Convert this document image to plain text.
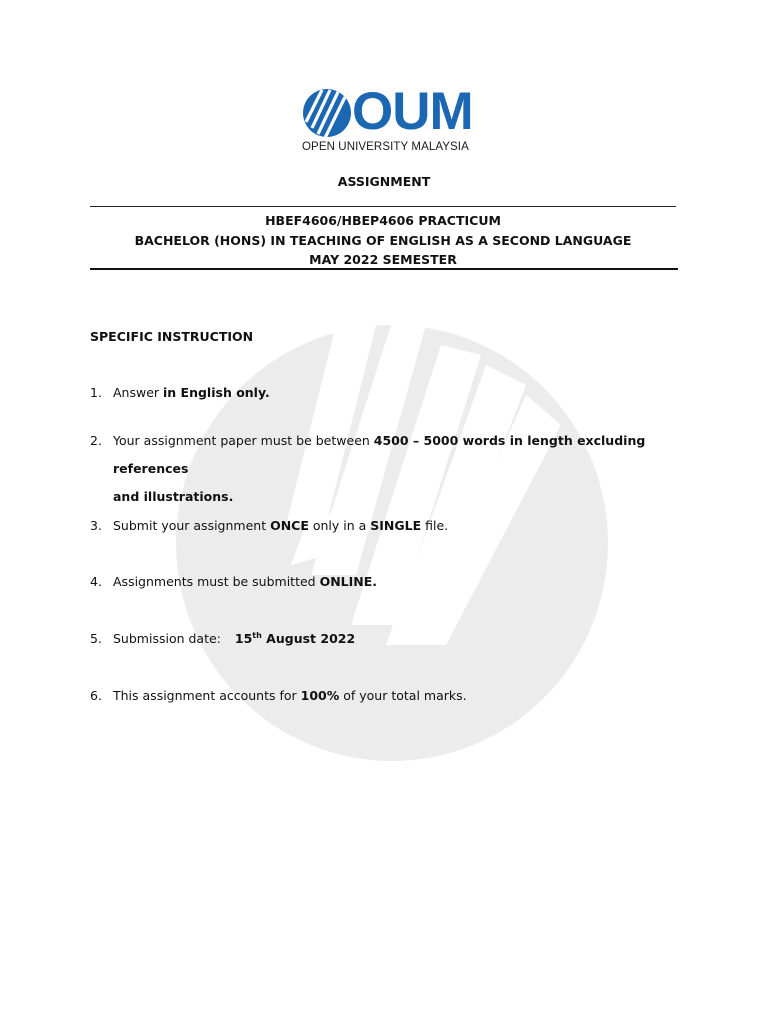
OUM
OPEN UNIVERSITY MALAYSIA
ASSIGNMENT
HBEF4606/HBEP4606 PRACTICUM
BACHELOR (HONS) IN TEACHING OF ENGLISH AS A SECOND LANGUAGE
MAY 2022 SEMESTER
SPECIFIC INSTRUCTION
1. Answer in English only.
2. Your assignment paper must be between 4500 – 5000 words in length excluding references
and illustrations.
3. Submit your assignment ONCE only in a SINGLE file.
4. Assignments must be submitted ONLINE.
5. Submission date: 15th August 2022
6. This assignment accounts for 100% of your total marks.
